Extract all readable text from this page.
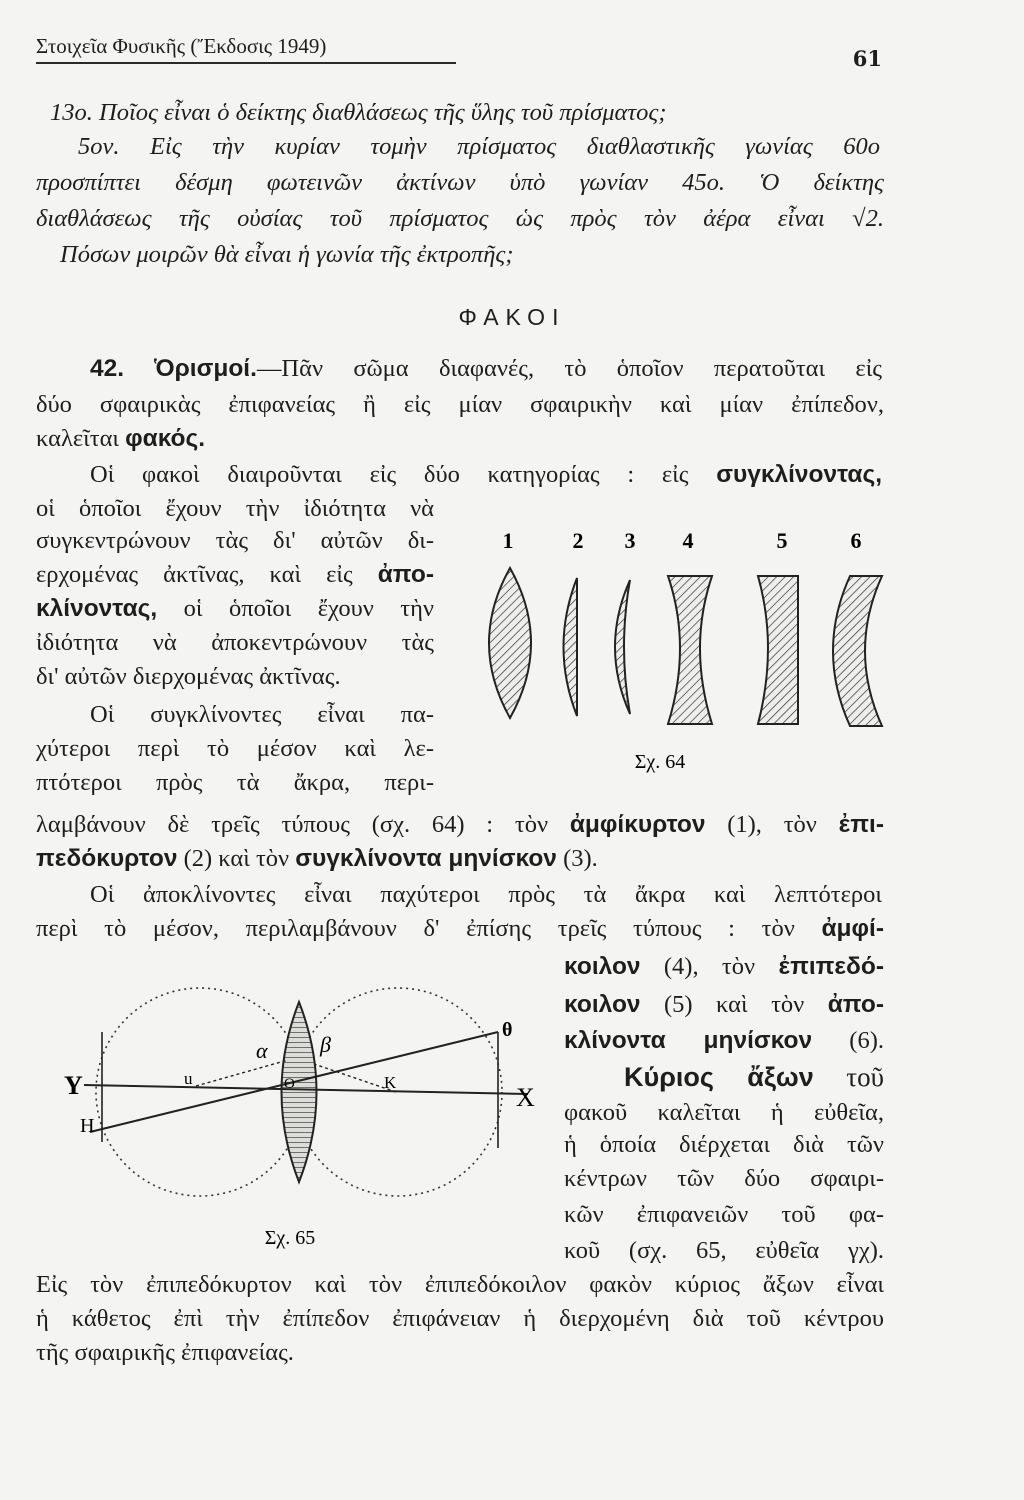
Στοιχεῖα Φυσικῆς (Ἔκδοσις 1949)	61
13ο. Ποῖος εἶναι ὁ δείκτης διαθλάσεως τῆς ὕλης τοῦ πρίσματος;
5ον. Εἰς τὴν κυρίαν τομὴν πρίσματος διαθλαστικῆς γωνίας 60ο
προσπίπτει δέσμη φωτεινῶν ἀκτίνων ὑπὸ γωνίαν 45ο. Ὁ δείκτης
διαθλάσεως τῆς οὐσίας τοῦ πρίσματος ὡς πρὸς τὸν ἀέρα εἶναι √2.
Πόσων μοιρῶν θὰ εἶναι ἡ γωνία τῆς ἐκτροπῆς;
ΦΑΚΟΙ
42. Ὁρισμοί.—Πᾶν σῶμα διαφανές, τὸ ὁποῖον περατοῦται εἰς
δύο σφαιρικὰς ἐπιφανείας ἢ εἰς μίαν σφαιρικὴν καὶ μίαν ἐπίπεδον,
καλεῖται φακός.
Οἱ φακοὶ διαιροῦνται εἰς δύο κατηγορίας : εἰς συγκλίνοντας,
οἱ ὁποῖοι ἔχουν τὴν ἰδιότητα νὰ
συγκεντρώνουν τὰς δι' αὐτῶν δι-
ερχομένας ἀκτῖνας, καὶ εἰς ἀπο-
κλίνοντας, οἱ ὁποῖοι ἔχουν τὴν
ἰδιότητα νὰ ἀποκεντρώνουν τὰς
δι' αὐτῶν διερχομένας ἀκτῖνας.
Οἱ συγκλίνοντες εἶναι πα-
χύτεροι περὶ τὸ μέσον καὶ λε-
πτότεροι πρὸς τὰ ἄκρα, περι-
λαμβάνουν δὲ τρεῖς τύπους (σχ. 64) : τὸν ἀμφίκυρτον (1), τὸν ἐπι-
πεδόκυρτον (2) καὶ τὸν συγκλίνοντα μηνίσκον (3).
Οἱ ἀποκλίνοντες εἶναι παχύτεροι πρὸς τὰ ἄκρα καὶ λεπτότεροι
περὶ τὸ μέσον, περιλαμβάνουν δ' ἐπίσης τρεῖς τύπους : τὸν ἀμφί-
κοιλον (4), τὸν ἐπιπεδό-
κοιλον (5) καὶ τὸν ἀπο-
κλίνοντα μηνίσκον (6).
Κύριος ἄξων τοῦ
φακοῦ καλεῖται ἡ εὐθεῖα,
ἡ ὁποία διέρχεται διὰ τῶν
κέντρων τῶν δύο σφαιρι-
κῶν ἐπιφανειῶν τοῦ φα-
κοῦ (σχ. 65, εὐθεῖα γχ).
Εἰς τὸν ἐπιπεδόκυρτον καὶ τὸν ἐπιπεδόκοιλον φακὸν κύριος ἄξων εἶναι
ἡ κάθετος ἐπὶ τὴν ἐπίπεδον ἐπιφάνειαν ἡ διερχομένη διὰ τοῦ κέντρου
τῆς σφαιρικῆς ἐπιφανείας.
1	2 3 4	5	6
Σχ. 64
Y	X
H
θ
α β
u	O	K
Σχ. 65
